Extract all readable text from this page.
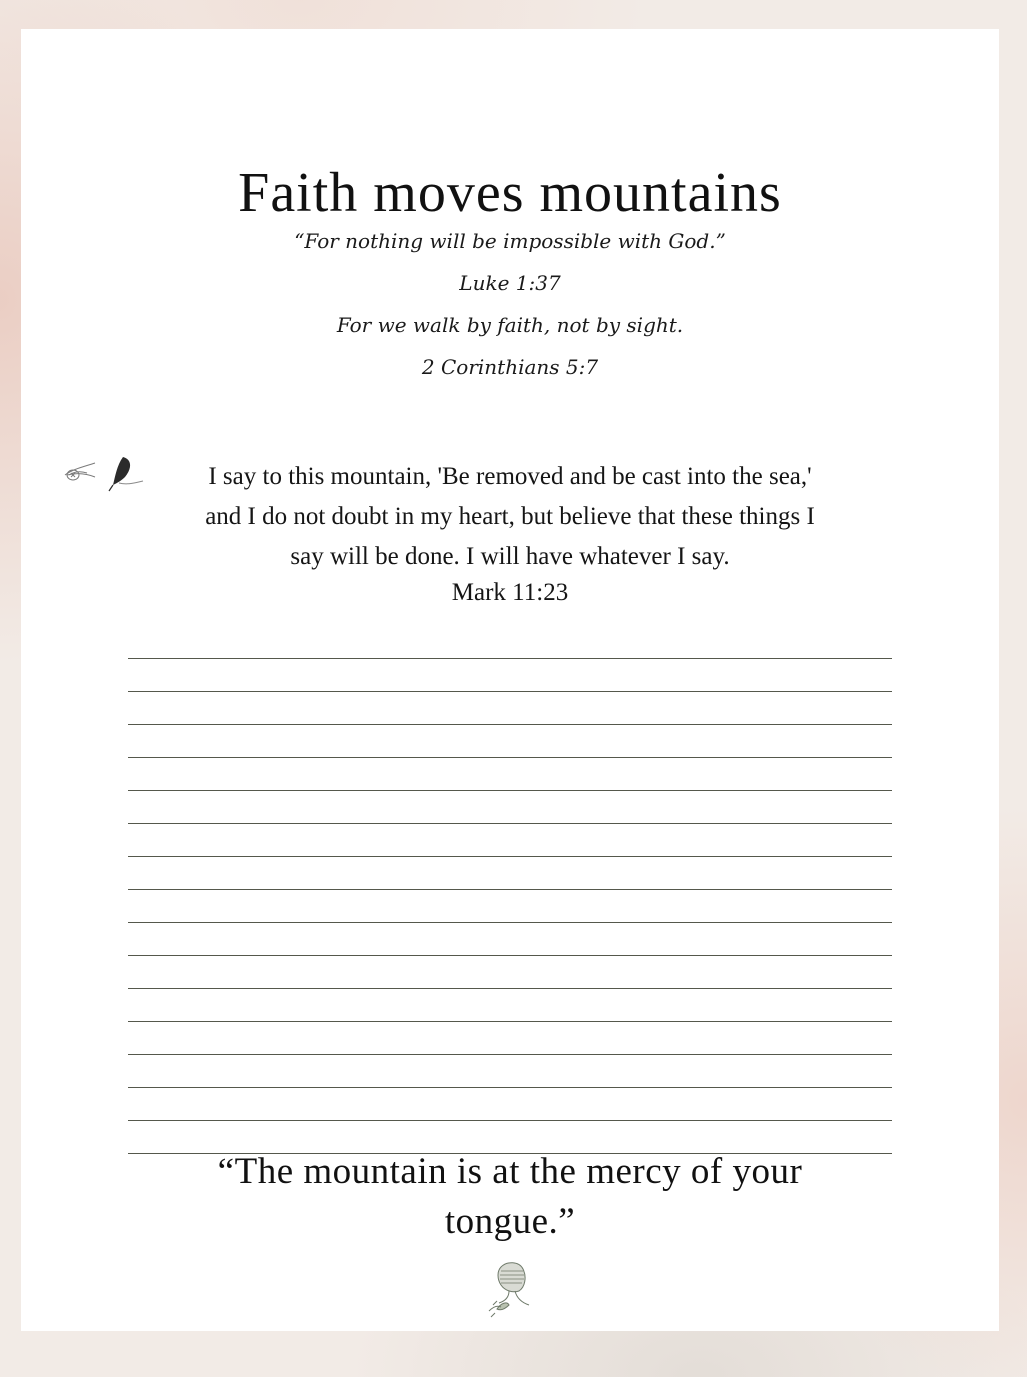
Faith moves mountains
“For nothing will be impossible with God.”
Luke 1:37
For we walk by faith, not by sight.
2 Corinthians 5:7
I say to this mountain, 'Be removed and be cast into the sea,'
and I do not doubt in my heart, but believe that these things I
say will be done. I will have whatever I say.
Mark 11:23
“The mountain is at the mercy of your
tongue.”
